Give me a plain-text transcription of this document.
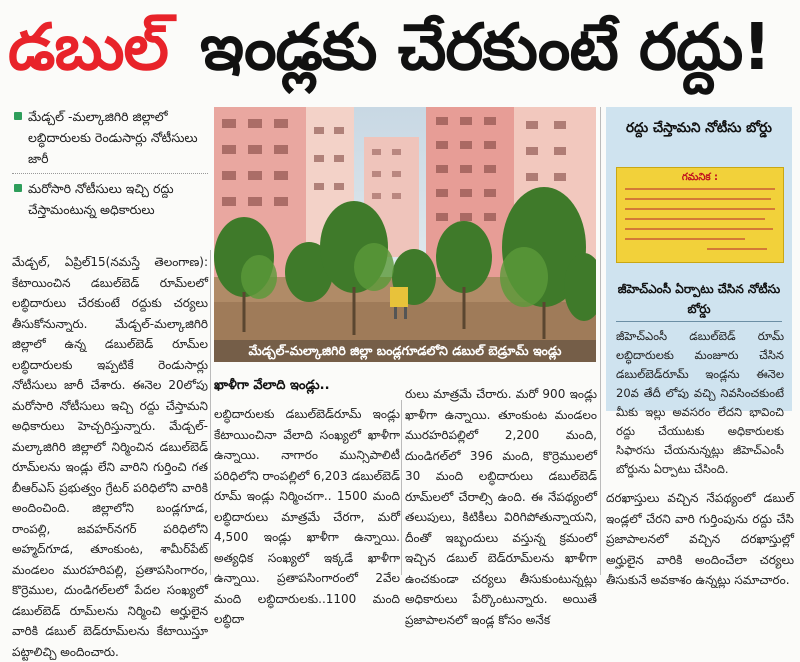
డబుల్ ఇండ్లకు చేరకుంటే రద్దు!
మేడ్చల్ -మల్కాజిగిరి జిల్లాలో లబ్ధిదారులకు రెండుసార్లు నోటీసులు జారీ
మరోసారి నోటీసులు ఇచ్చి రద్దు చేస్తామంటున్న అధికారులు
మేడ్చల్, ఏప్రిల్15(నమస్తే తెలంగాణ): కేటాయించిన డబుల్‌బెడ్ రూమ్‌లలో లబ్ధిదారులు చేరకుంటే రద్దుకు చర్యలు తీసుకోనున్నారు. మేడ్చల్-మల్కాజిగిరి జిల్లాలో ఉన్న డబుల్‌బెడ్ రూమ్‌ల లబ్ధిదారులకు ఇప్పటికే రెండుసార్లు నోటీసులు జారీ చేశారు. ఈనెల 20లోపు మరోసారి నోటీసులు ఇచ్చి రద్దు చేస్తామని అధికారులు హెచ్చరిస్తున్నారు. మేడ్చల్-మల్కాజిగిరి జిల్లాలో నిర్మించిన డబుల్‌బెడ్ రూమ్‌లను ఇండ్లు లేని వారిని గుర్తించి గత బీఆర్‌ఎస్ ప్రభుత్వం గ్రేటర్ పరిధిలోని వారికి అందించింది. జిల్లాలోని బండ్లగూడ, రాంపల్లి, జవహర్‌నగర్ పరిధిలోని అహ్మద్‌గూడ, తూంకుంట, శామీర్‌పేట్ మండలం మురహరిపల్లి, ప్రతాపసింగారం, కొర్రెముల, దుండిగల్‌లలో పేదల సంఖ్యలో డబుల్‌బెడ్ రూమ్‌లను నిర్మించి అర్హులైన వారికి డబుల్ బెడ్‌రూమ్‌లను కేటాయిస్తూ పట్టాలిచ్చి అందించారు.
మేడ్చల్-మల్కాజిగిరి జిల్లా బండ్లగూడలోని డబుల్ బెడ్రూమ్ ఇండ్లు
ఖాళీగా వేలాది ఇండ్లు..
లబ్ధిదారులకు డబుల్‌బెడ్‌రూమ్ ఇండ్లు కేటాయించినా వేలాది సంఖ్యలో ఖాళీగా ఉన్నాయి. నాగారం మున్సిపాలిటీ పరిధిలోని రాంపల్లిలో 6,203 డబుల్‌బెడ్ రూమ్ ఇండ్లు నిర్మించగా.. 1500 మంది లబ్ధిదారులు మాత్రమే చేరగా, మరో 4,500 ఇండ్లు ఖాళీగా ఉన్నాయి. అత్యధిక సంఖ్యలో ఇక్కడే ఖాళీగా ఉన్నాయి. ప్రతాపసింగారంలో 2వేల మంది లబ్ధిదారులకు..1100 మంది లబ్ధిదా
రులు మాత్రమే చేరారు. మరో 900 ఇండ్లు ఖాళీగా ఉన్నాయి. తూంకుంట మండలం మురహరిపల్లిలో 2,200 మంది, దుండిగల్‌లో 396 మంది, కొర్రెములలో 30 మంది లబ్ధిదారులు డబుల్‌బెడ్ రూమ్‌లలో చేరాల్సి ఉంది. ఈ నేపథ్యంలో తలుపులు, కిటికీలు విరిగిపోతున్నాయని, దీంతో ఇబ్బందులు వస్తున్న క్రమంలో ఇచ్చిన డబుల్ బెడ్‌రూమ్‌లను ఖాళీగా ఉంచకుండా చర్యలు తీసుకుంటున్నట్లు అధికారులు పేర్కొంటున్నారు. అయితే ప్రజాపాలనలో ఇండ్ల కోసం అనేక
రద్దు చేస్తామని నోటీసు బోర్డు
గమనిక :
జీహెచ్ఎంసీ ఏర్పాటు చేసిన నోటీసు బోర్డు
జీహెచ్ఎంసీ డబుల్‌బెడ్ రూమ్ లబ్ధిదారులకు మంజూరు చేసిన డబుల్‌బెడ్‌రూమ్ ఇండ్లను ఈనెల 20వ తేదీ లోపు వచ్చి నివసించకుంటే మీకు ఇల్లు అవసరం లేదని భావించి రద్దు చేయుటకు అధికారులకు సిఫారసు చేయనున్నట్లు జీహెచ్ఎంసీ బోర్డును ఏర్పాటు చేసింది.
దరఖాస్తులు వచ్చిన నేపథ్యంలో డబుల్ ఇండ్లలో చేరని వారి గుర్తింపును రద్దు చేసి ప్రజాపాలనలో వచ్చిన దరఖాస్తుల్లో అర్హులైన వారికి అందించేలా చర్యలు తీసుకునే అవకాశం ఉన్నట్లు సమాచారం.
